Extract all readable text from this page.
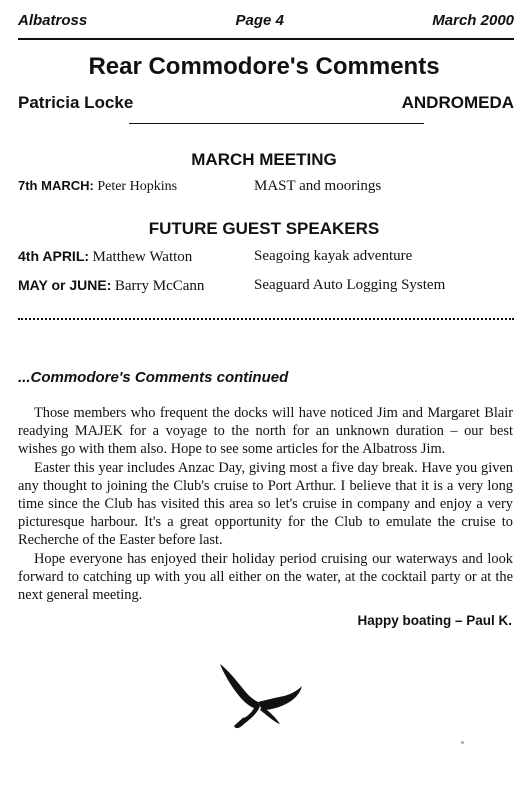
Albatross	Page 4	March 2000
Rear Commodore's Comments
Patricia Locke	ANDROMEDA
MARCH MEETING
7th MARCH: Peter Hopkins	MAST and moorings
FUTURE GUEST SPEAKERS
4th APRIL: Matthew Watton	Seagoing kayak adventure
MAY or JUNE: Barry McCann	Seaguard Auto Logging System
...Commodore's Comments continued

Those members who frequent the docks will have noticed Jim and Margaret Blair readying MAJEK for a voyage to the north for an unknown duration – our best wishes go with them also. Hope to see some articles for the Albatross Jim.

Easter this year includes Anzac Day, giving most a five day break. Have you given any thought to joining the Club's cruise to Port Arthur. I believe that it is a very long time since the Club has visited this area so let's cruise in company and enjoy a very picturesque harbour. It's a great opportunity for the Club to emulate the cruise to Recherche of the Easter before last.

Hope everyone has enjoyed their holiday period cruising our waterways and look forward to catching up with you all either on the water, at the cocktail party or at the next general meeting.

Happy boating – Paul K.
